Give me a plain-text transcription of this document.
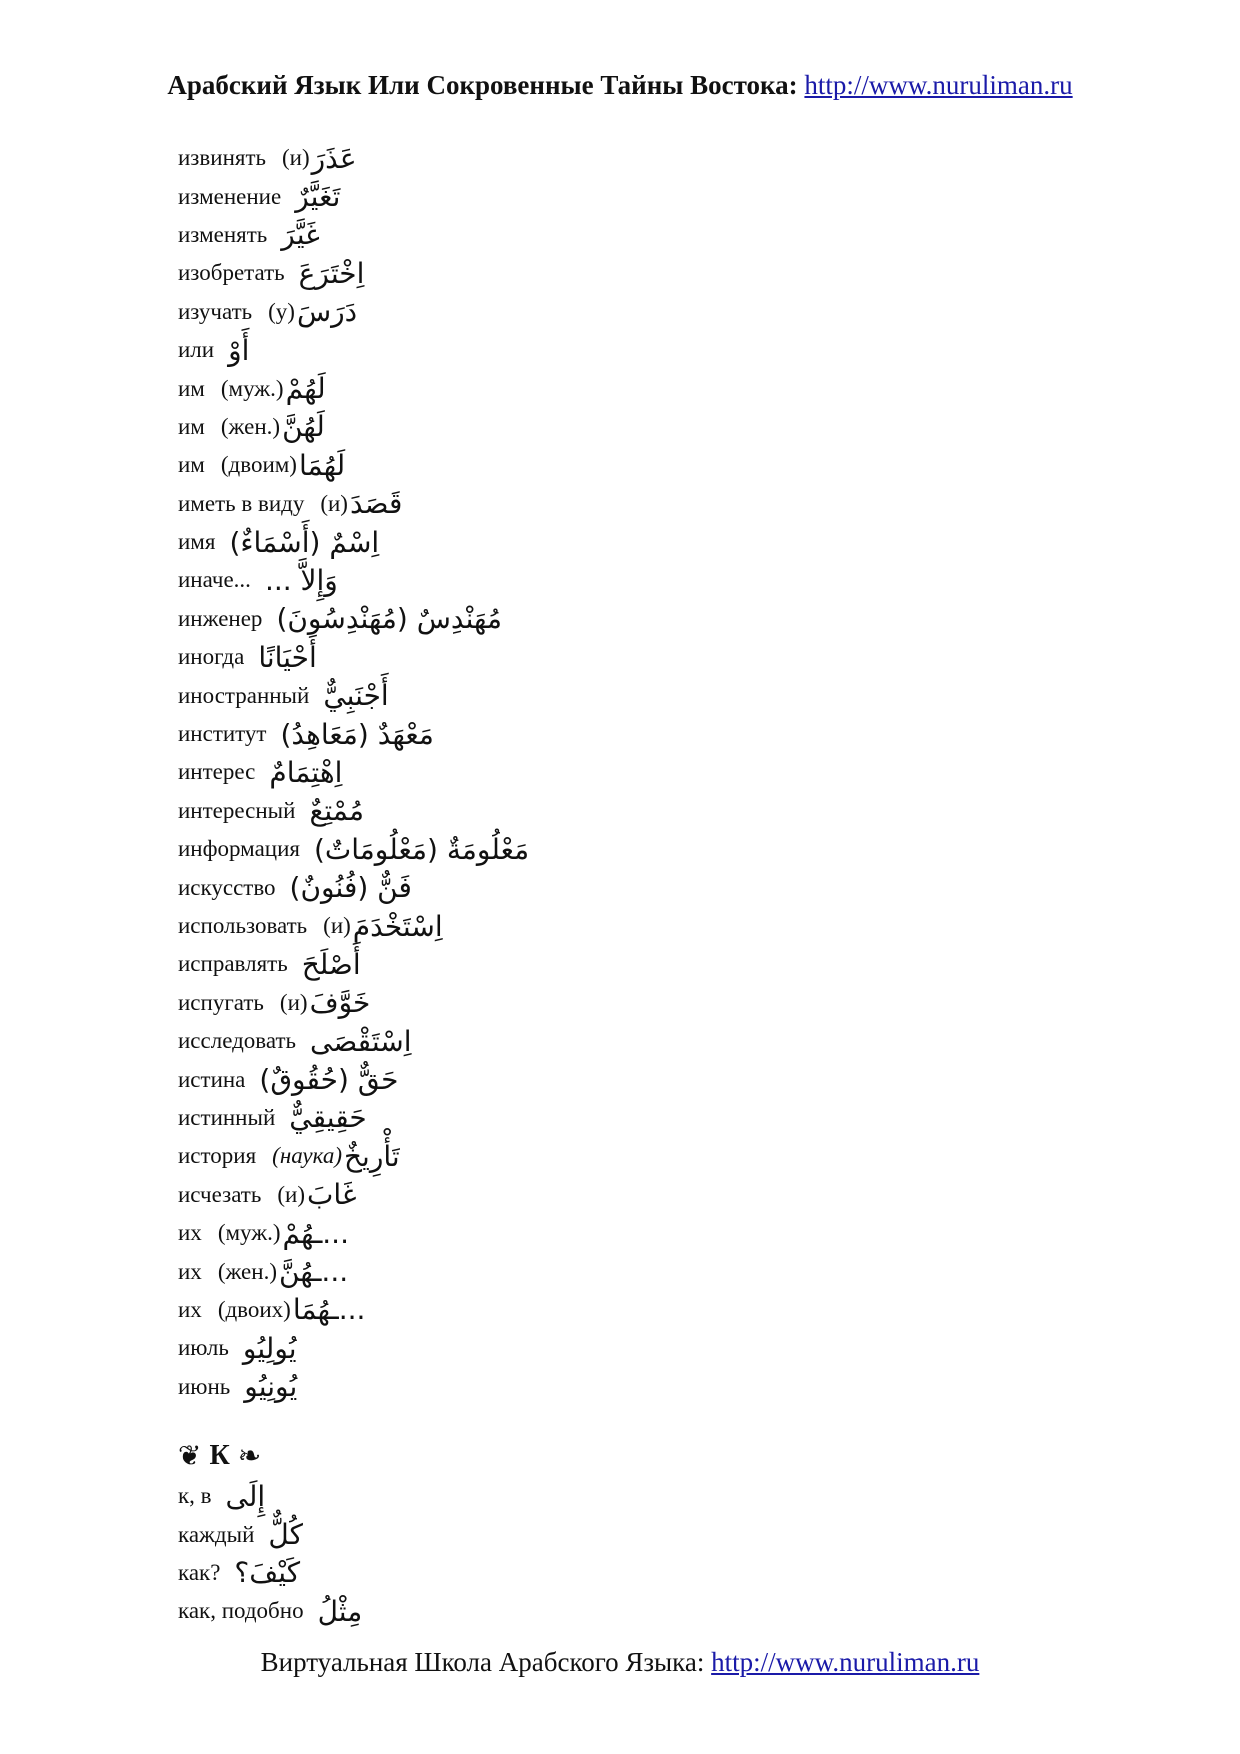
Арабский Язык Или Сокровенные Тайны Востока: http://www.nuruliman.ru
извинять (и) عَذَرَ
изменение تَغَيَّرٌ
изменять غَيَّرَ
изобретать اِخْتَرَعَ
изучать (у) دَرَسَ
или أَوْ
им (муж.) لَهُمْ
им (жен.) لَهُنَّ
им (двоим) لَهُمَا
иметь в виду (и) قَصَدَ
имя اِسْمٌ (أَسْمَاءٌ)
иначе... وَإِلاَّ ...
инженер مُهَنْدِسٌ (مُهَنْدِسُونَ)
иногда أَحْيَانًا
иностранный أَجْنَبِيٌّ
институт مَعْهَدٌ (مَعَاهِدُ)
интерес اِهْتِمَامٌ
интересный مُمْتِعٌ
информация مَعْلُومَةٌ (مَعْلُومَاتٌ)
искусство فَنٌّ (فُنُونٌ)
использовать (и) اِسْتَخْدَمَ
исправлять أَصْلَحَ
испугать (и) خَوَّفَ
исследовать اِسْتَقْصَى
истина حَقٌّ (حُقُوقٌ)
истинный حَقِيقِيٌّ
история (наука) تَأْرِيخٌ
исчезать (и) غَابَ
их (муж.) ...ـهُمْ
их (жен.) ...ـهُنَّ
их (двоих) ...ـهُمَا
июль يُولِيُو
июнь يُونِيُو
❦ К ❧
к, в إِلَى
каждый كُلٌّ
как? كَيْفَ؟
как, подобно مِثْلُ
Виртуальная Школа Арабского Языка: http://www.nuruliman.ru
